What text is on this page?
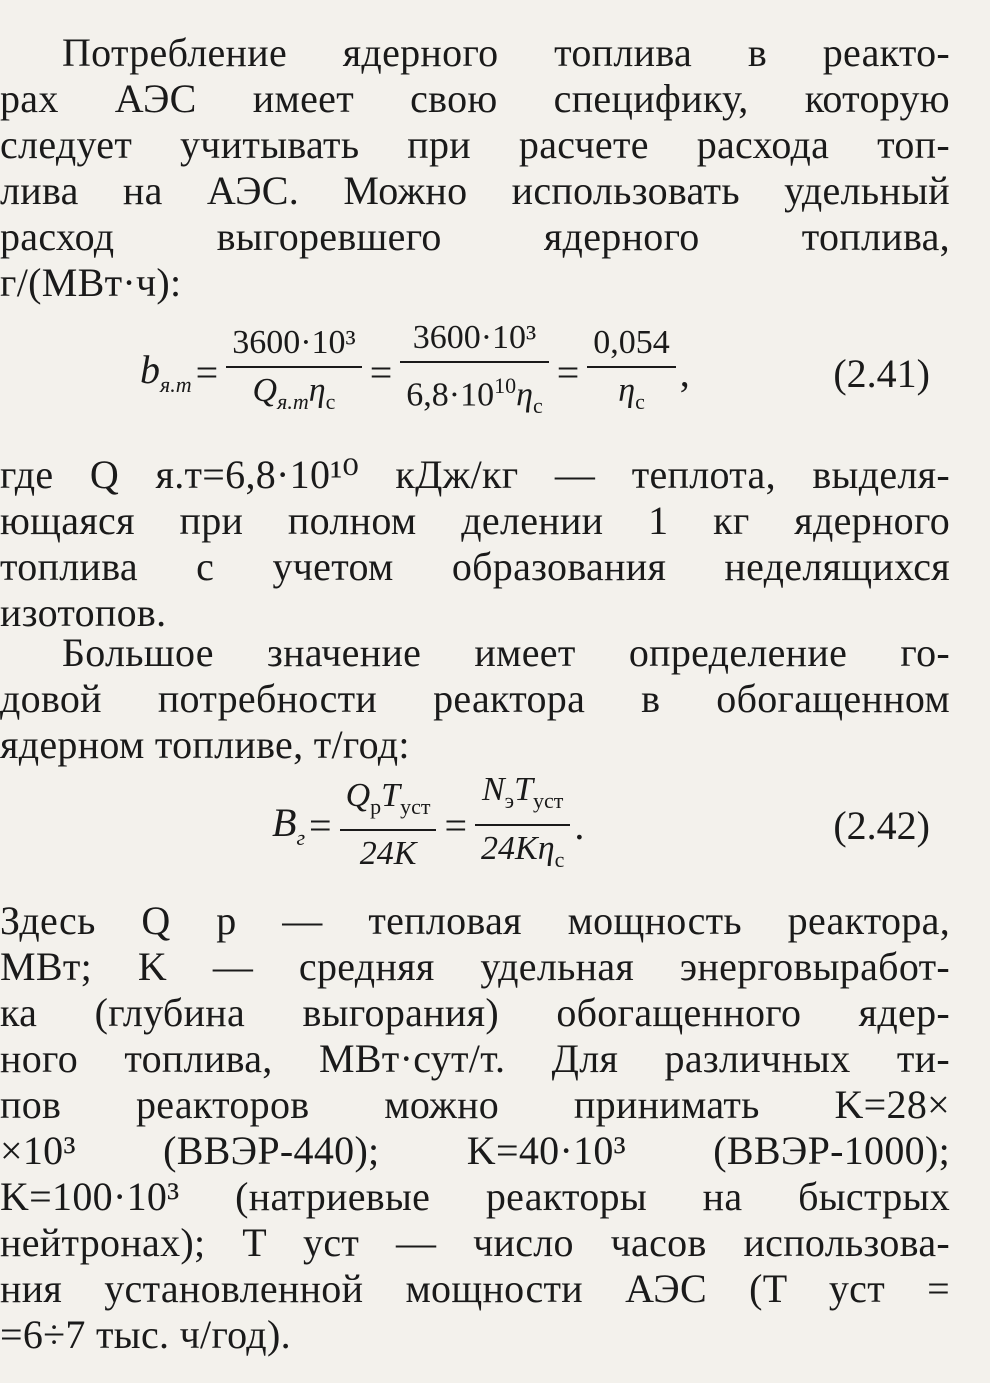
Потребление ядерного топлива в реакто-
рах АЭС имеет свою специфику, которую
следует учитывать при расчете расхода топ-
лива на АЭС. Можно использовать удельный
расход выгоревшего ядерного топлива,
г/(МВт·ч):
$b_{я.т} = \frac{\text{3600·10³}}{Q_{я.т}\eta_с} = \frac{\text{3600·10³}}{6,8\cdot 10^{10}\eta_с} = \frac{0,054}{\eta_с}$ ,	(2.41)
где Q я.т=6,8·10¹⁰ кДж/кг — теплота, выделя-
ющаяся при полном делении 1 кг ядерного
топлива с учетом образования неделящихся
изотопов.
Большое значение имеет определение го-
довой потребности реактора в обогащенном
ядерном топливе, т/год:
$B_г = \frac{Q_рT_{уст}}{24K} = \frac{N_эT_{уст}}{24K\eta_с}$ .	(2.42)
Здесь Q р — тепловая мощность реактора,
МВт; K — средняя удельная энерговыработ-
ка (глубина выгорания) обогащенного ядер-
ного топлива, МВт·сут/т. Для различных ти-
пов реакторов можно принимать K=28×
×10³ (ВВЭР-440); K=40·10³ (ВВЭР-1000);
K=100·10³ (натриевые реакторы на быстрых
нейтронах); T уст — число часов использова-
ния установленной мощности АЭС (T уст =
=6÷7 тыс. ч/год).
